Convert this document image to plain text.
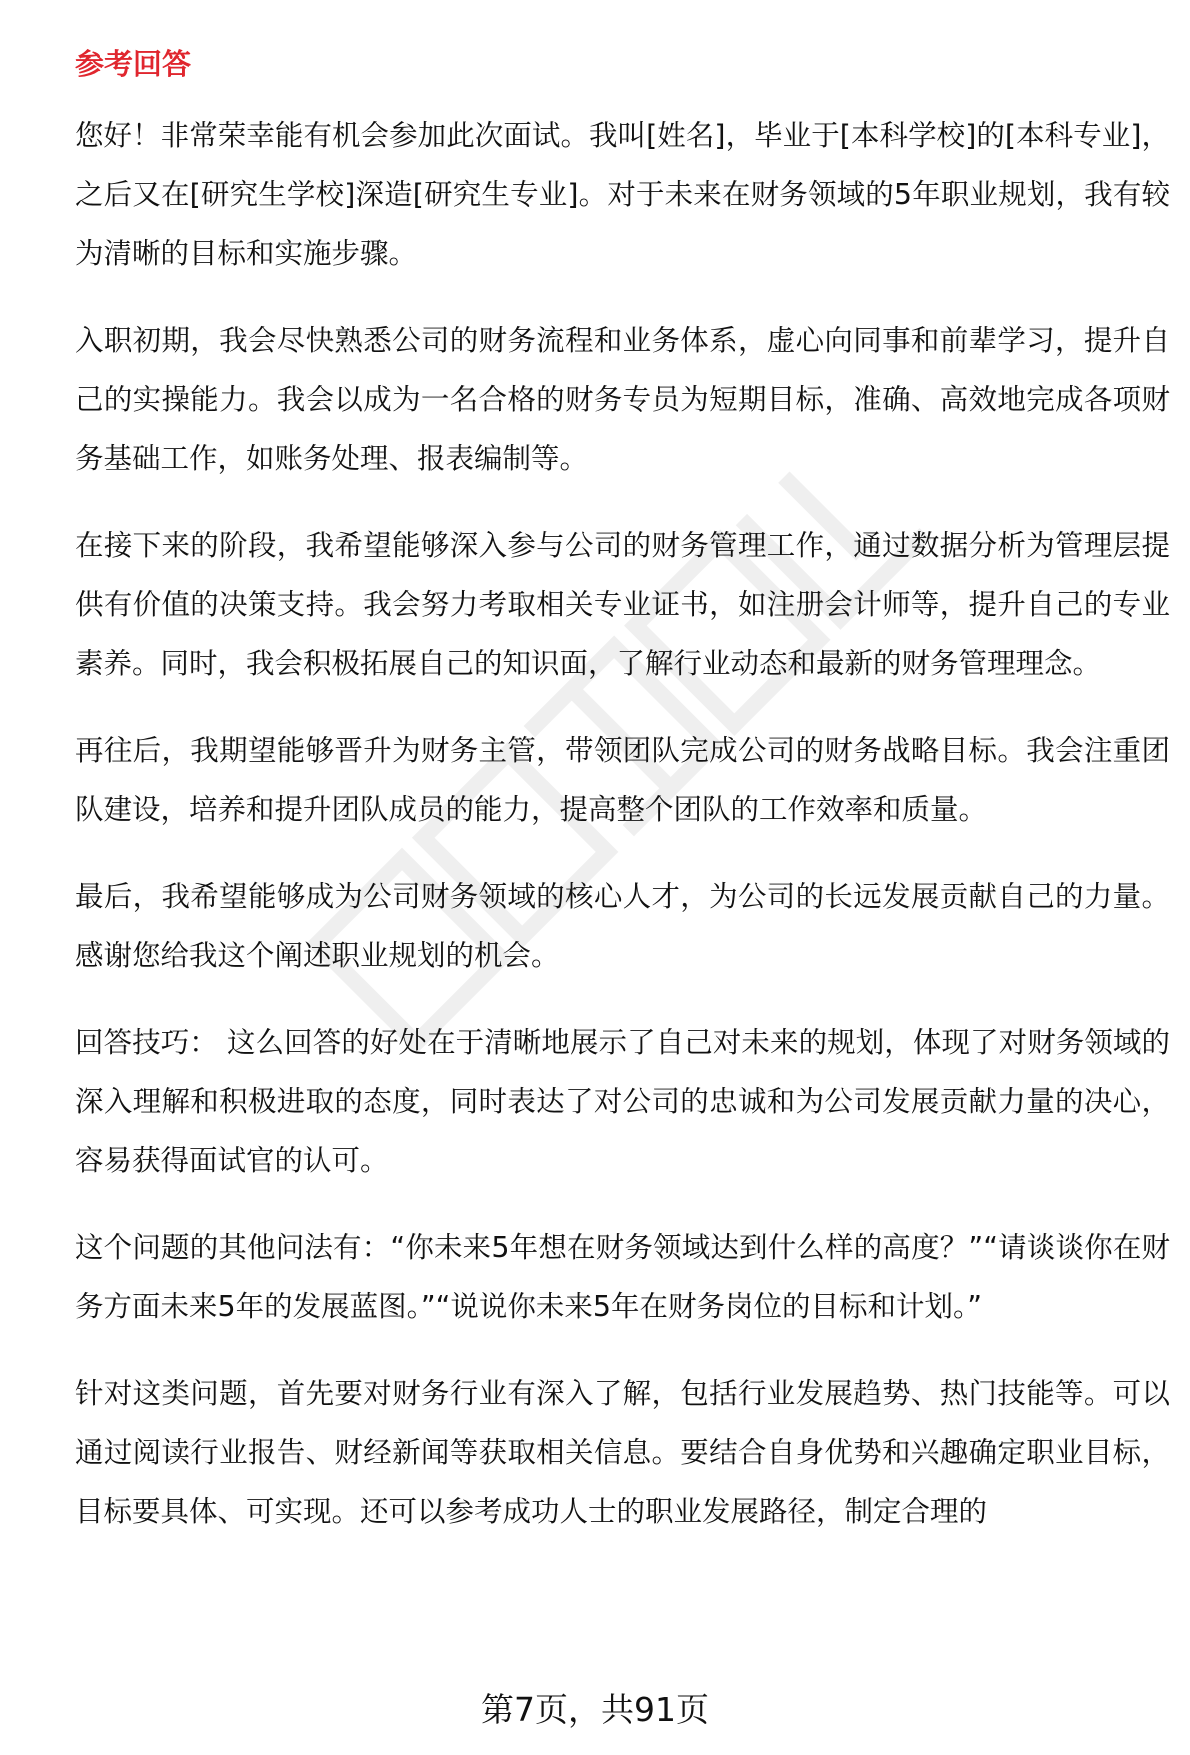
参考回答
您好！非常荣幸能有机会参加此次面试。我叫[姓名]，毕业于[本科学校]的[本科专业]，之后又在[研究生学校]深造[研究生专业]。对于未来在财务领域的5年职业规划，我有较为清晰的目标和实施步骤。
入职初期，我会尽快熟悉公司的财务流程和业务体系，虚心向同事和前辈学习，提升自己的实操能力。我会以成为一名合格的财务专员为短期目标，准确、高效地完成各项财务基础工作，如账务处理、报表编制等。
在接下来的阶段，我希望能够深入参与公司的财务管理工作，通过数据分析为管理层提供有价值的决策支持。我会努力考取相关专业证书，如注册会计师等，提升自己的专业素养。同时，我会积极拓展自己的知识面，了解行业动态和最新的财务管理理念。
再往后，我期望能够晋升为财务主管，带领团队完成公司的财务战略目标。我会注重团队建设，培养和提升团队成员的能力，提高整个团队的工作效率和质量。
最后，我希望能够成为公司财务领域的核心人才，为公司的长远发展贡献自己的力量。感谢您给我这个阐述职业规划的机会。
回答技巧： 这么回答的好处在于清晰地展示了自己对未来的规划，体现了对财务领域的深入理解和积极进取的态度，同时表达了对公司的忠诚和为公司发展贡献力量的决心，容易获得面试官的认可。
这个问题的其他问法有：“你未来5年想在财务领域达到什么样的高度？”“请谈谈你在财务方面未来5年的发展蓝图。”“说说你未来5年在财务岗位的目标和计划。”
针对这类问题，首先要对财务行业有深入了解，包括行业发展趋势、热门技能等。可以通过阅读行业报告、财经新闻等获取相关信息。要结合自身优势和兴趣确定职业目标，目标要具体、可实现。还可以参考成功人士的职业发展路径，制定合理的
第7页，共91页
